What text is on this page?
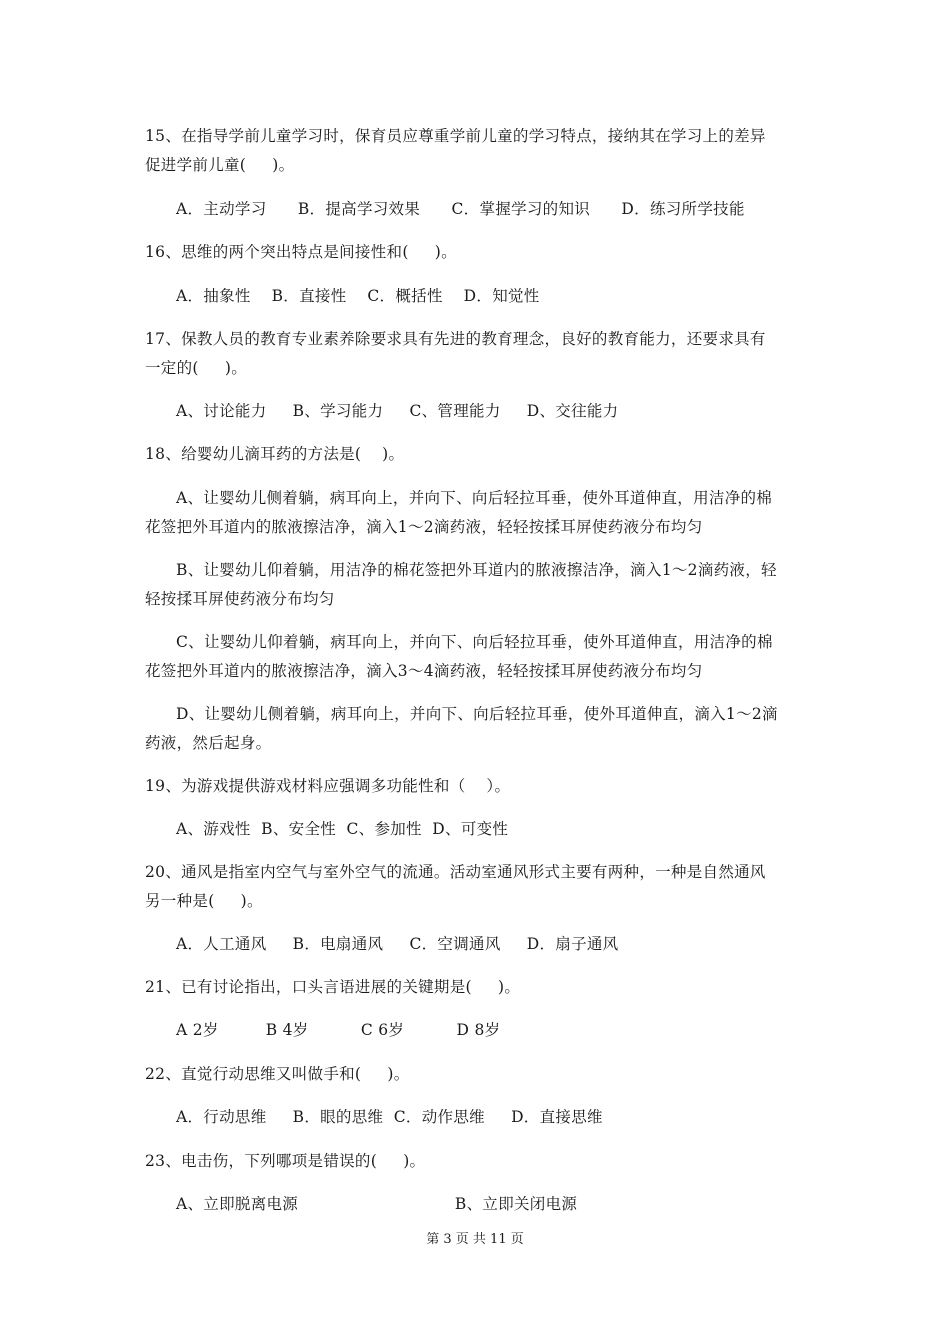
15、在指导学前儿童学习时，保育员应尊重学前儿童的学习特点，接纳其在学习上的差异
促进学前儿童(     )。
A．主动学习      B．提高学习效果      C．掌握学习的知识      D．练习所学技能
16、思维的两个突出特点是间接性和(     )。
A．抽象性    B．直接性    C．概括性    D．知觉性
17、保教人员的教育专业素养除要求具有先进的教育理念，良好的教育能力，还要求具有
一定的(     )。
A、讨论能力     B、学习能力     C、管理能力     D、交往能力
18、给婴幼儿滴耳药的方法是(    )。
A、让婴幼儿侧着躺，病耳向上，并向下、向后轻拉耳垂，使外耳道伸直，用洁净的棉
花签把外耳道内的脓液擦洁净，滴入1～2滴药液，轻轻按揉耳屏使药液分布均匀
B、让婴幼儿仰着躺，用洁净的棉花签把外耳道内的脓液擦洁净，滴入1～2滴药液，轻
轻按揉耳屏使药液分布均匀
C、让婴幼儿仰着躺，病耳向上，并向下、向后轻拉耳垂，使外耳道伸直，用洁净的棉
花签把外耳道内的脓液擦洁净，滴入3～4滴药液，轻轻按揉耳屏使药液分布均匀
D、让婴幼儿侧着躺，病耳向上，并向下、向后轻拉耳垂，使外耳道伸直，滴入1～2滴
药液，然后起身。
19、为游戏提供游戏材料应强调多功能性和（    ）。
A、游戏性  B、安全性  C、参加性  D、可变性
20、通风是指室内空气与室外空气的流通。活动室通风形式主要有两种，一种是自然通风
另一种是(     )。
A．人工通风     B．电扇通风     C．空调通风     D．扇子通风
21、已有讨论指出，口头言语进展的关键期是(     )。
A 2岁         B 4岁          C 6岁          D 8岁
22、直觉行动思维又叫做手和(     )。
A．行动思维     B．眼的思维  C．动作思维     D．直接思维
23、电击伤，下列哪项是错误的(     )。
A、立即脱离电源                              B、立即关闭电源
第 3 页 共 11 页
